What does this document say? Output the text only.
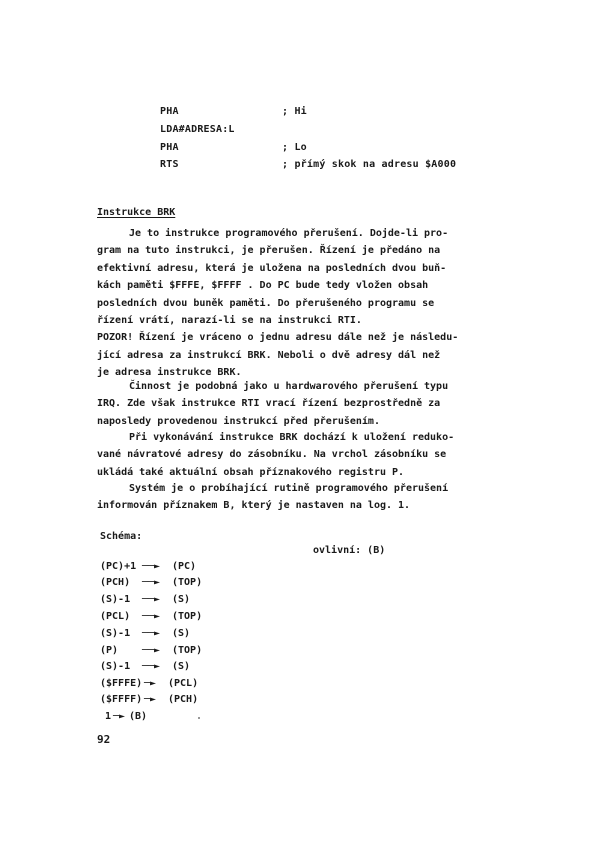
PHA	; Hi
LDA#ADRESA:L
PHA	; Lo
RTS	; přímý skok na adresu $A000
Instrukce BRK
Je to instrukce programového přerušení. Dojde-li pro-
gram na tuto instrukci, je přerušen. Řízení je předáno na
efektivní adresu, která je uložena na posledních dvou buň-
kách paměti $FFFE, $FFFF . Do PC bude tedy vložen obsah
posledních dvou buněk paměti. Do přerušeného programu se
řízení vrátí, narazí-li se na instrukci RTI.
POZOR! Řízení je vráceno o jednu adresu dále než je následu-
jící adresa za instrukcí BRK. Neboli o dvě adresy dál než
je adresa instrukce BRK.
Činnost je podobná jako u hardwarového přerušení typu
IRQ. Zde však instrukce RTI vrací řízení bezprostředně za
naposledy provedenou instrukcí před přerušením.
Při vykonávání instrukce BRK dochází k uložení redukо-
vané návratové adresy do zásobníku. Na vrchol zásobníku se
ukládá také aktuální obsah příznakového registru P.
Systém je o probíhající rutině programového přerušení
informován příznakem B, který je nastaven na log. 1.
Schéma:
ovlivní: (B)
(PC)+1 ──► (PC)
(PCH) ──► (TOP)
(S)-1 ──► (S)
(PCL) ──► (TOP)
(S)-1 ──► (S)
(P) ──► (TOP)
(S)-1 ──► (S)
($FFFE) ─► (PCL)
($FFFF) ─► (PCH)
1 ─► (B)
92
